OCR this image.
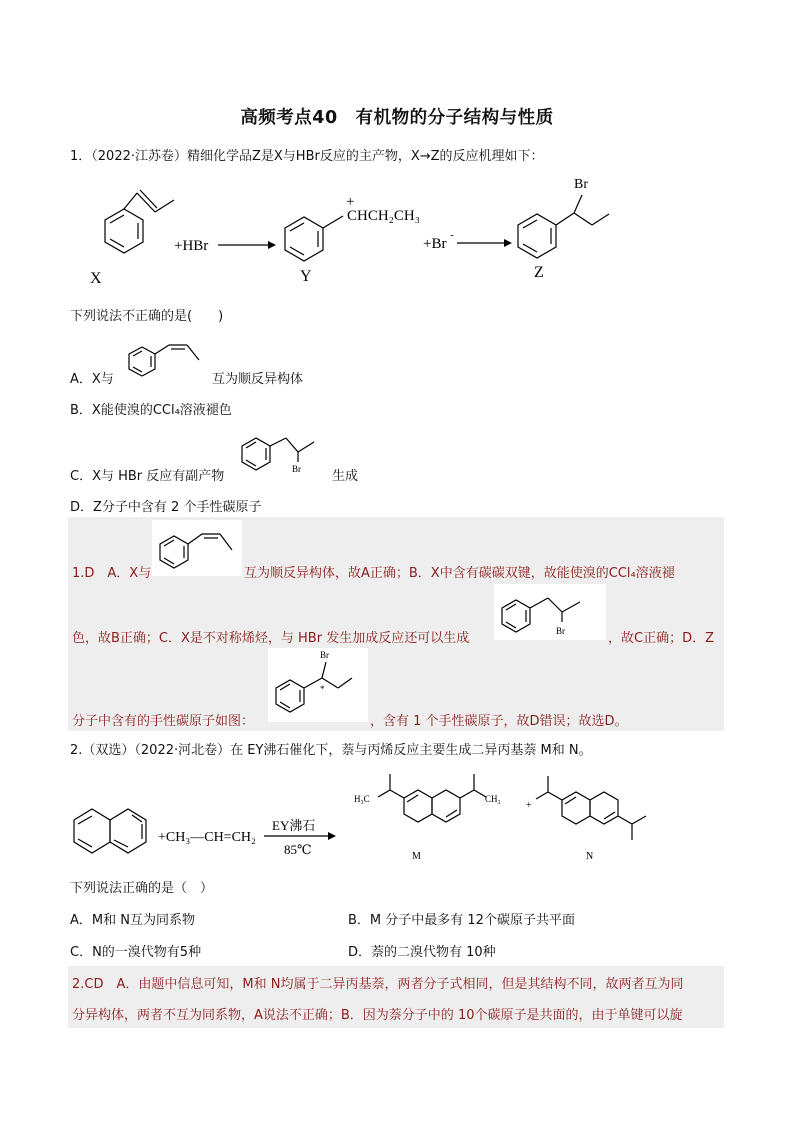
高频考点40　有机物的分子结构与性质
1．（2022·江苏卷）精细化学品Z是X与HBr反应的主产物，X→Z的反应机理如下：
X
+HBr
CHCH₂CH₃
+
Y
+Br
-
Br
Z
下列说法不正确的是(　　)
A．X与	互为顺反异构体
B．X能使溴的CCl₄溶液褪色
C．X与 HBr 反应有副产物	Br 生成
D．Z分子中含有 2 个手性碳原子
1.D　A．X与	互为顺反异构体，故A正确；B．X中含有碳碳双键，故能使溴的CCl₄溶液褪
色，故B正确；C．X是不对称烯烃，与 HBr 发生加成反应还可以生成	Br	，故C正确；D．Z
分子中含有的手性碳原子如图：
Br
*
，含有 1 个手性碳原子，故D错误；故选D。
2.（双选）（2022·河北卷）在 EY沸石催化下，萘与丙烯反应主要生成二异丙基萘 M和 N。
+CH₃—CH=CH₂
EY沸石
85℃
H₃C	CH₃
M
+
N
下列说法正确的是（　）
A．M和 N互为同系物	B．M 分子中最多有 12个碳原子共平面
C．N的一溴代物有5种	D．萘的二溴代物有 10种
2.CD　A．由题中信息可知，M和 N均属于二异丙基萘，两者分子式相同，但是其结构不同，故两者互为同
分异构体，两者不互为同系物，A说法不正确；B．因为萘分子中的 10个碳原子是共面的，由于单键可以旋
